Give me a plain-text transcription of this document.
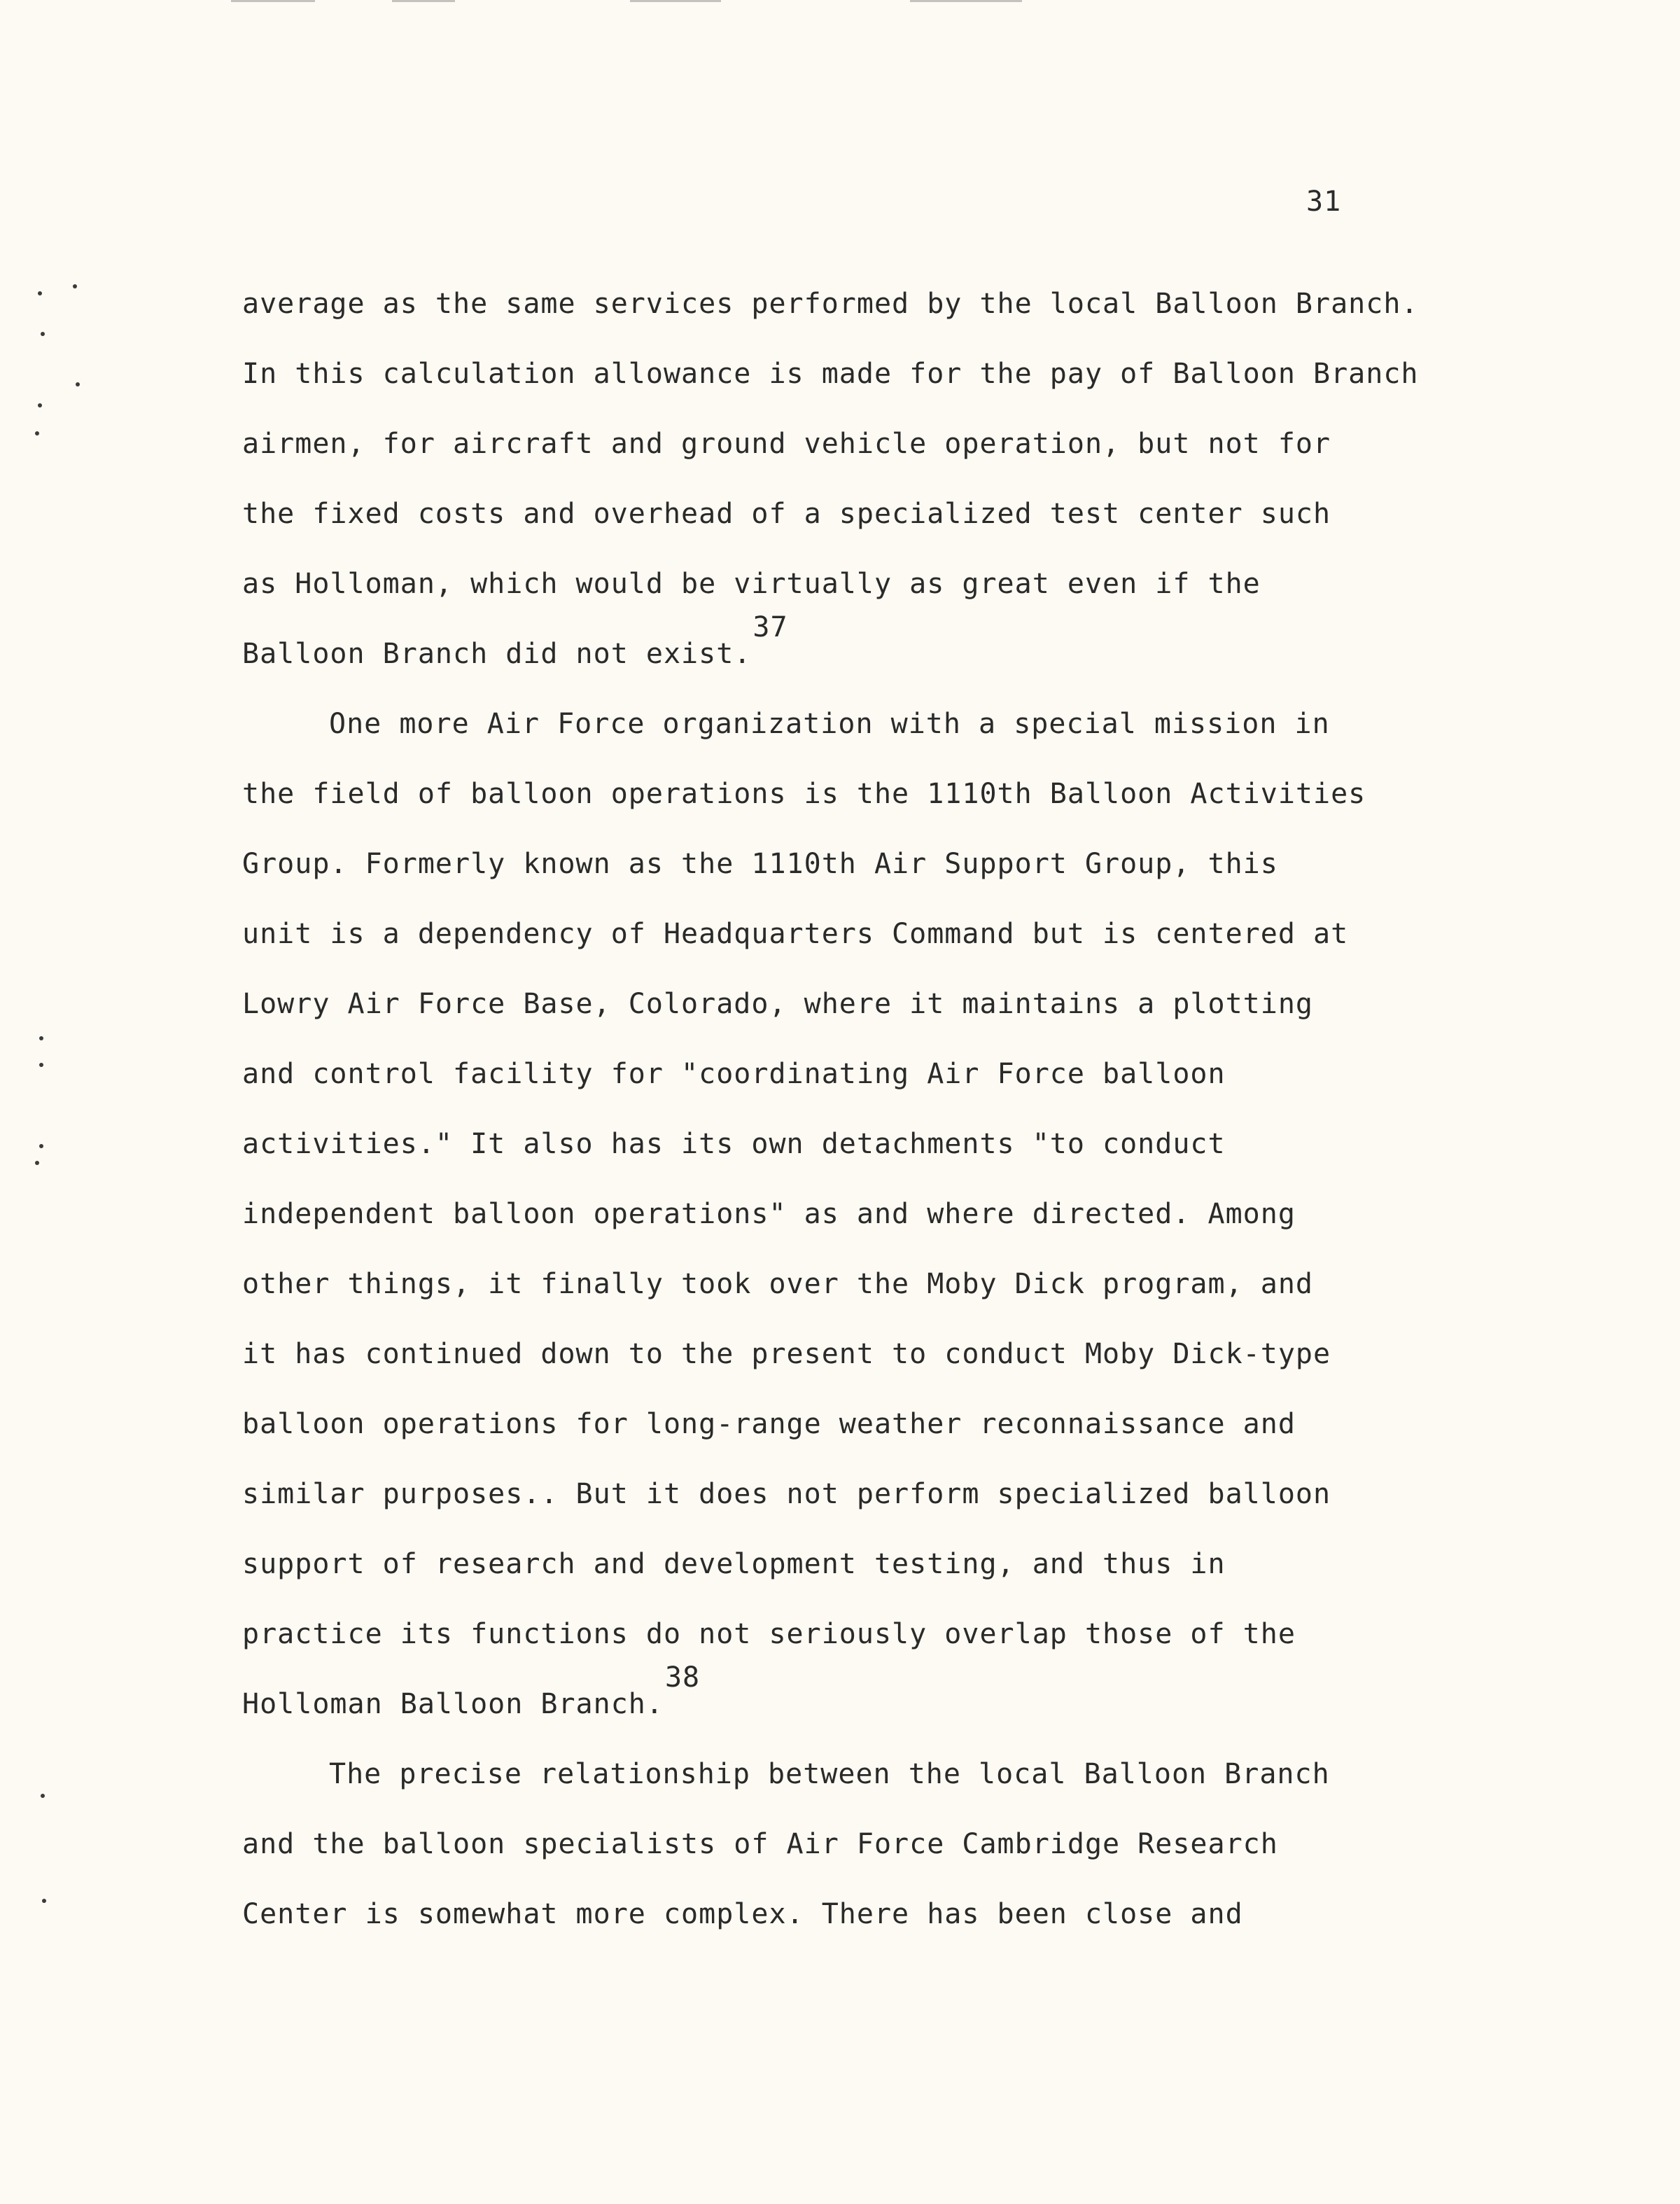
31
average as the same services performed by the local Balloon Branch.
In this calculation allowance is made for the pay of Balloon Branch
airmen, for aircraft and ground vehicle operation, but not for
the fixed costs and overhead of a specialized test center such
as Holloman, which would be virtually as great even if the
Balloon Branch did not exist.37
One more Air Force organization with a special mission in
the field of balloon operations is the 1110th Balloon Activities
Group. Formerly known as the 1110th Air Support Group, this
unit is a dependency of Headquarters Command but is centered at
Lowry Air Force Base, Colorado, where it maintains a plotting
and control facility for "coordinating Air Force balloon
activities." It also has its own detachments "to conduct
independent balloon operations" as and where directed. Among
other things, it finally took over the Moby Dick program, and
it has continued down to the present to conduct Moby Dick-type
balloon operations for long-range weather reconnaissance and
similar purposes.. But it does not perform specialized balloon
support of research and development testing, and thus in
practice its functions do not seriously overlap those of the
Holloman Balloon Branch.38
The precise relationship between the local Balloon Branch
and the balloon specialists of Air Force Cambridge Research
Center is somewhat more complex. There has been close and
